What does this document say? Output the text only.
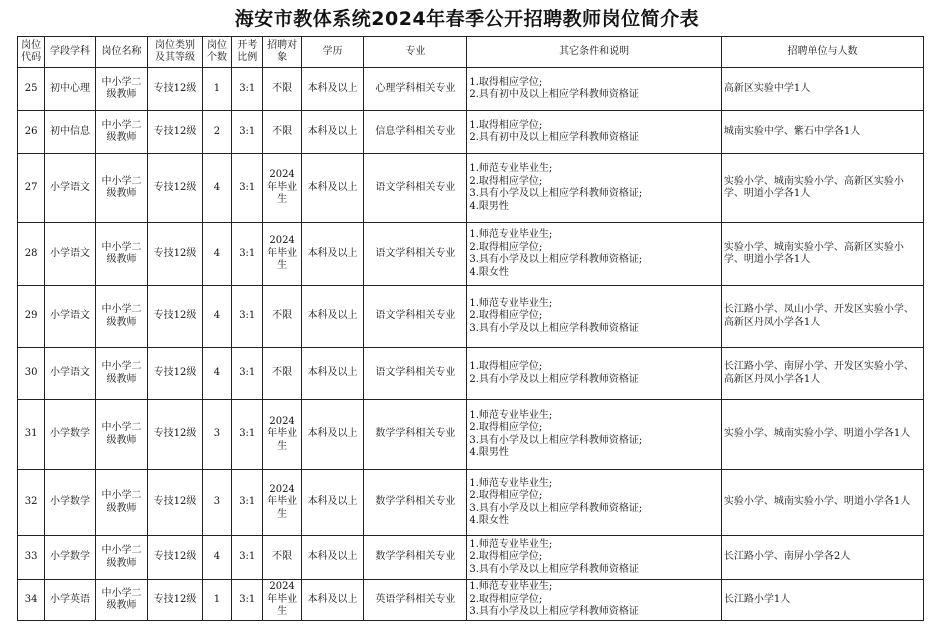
海安市教体系统2024年春季公开招聘教师岗位简介表
岗位代码	学段学科	岗位名称	岗位类别及其等级	岗位个数	开考比例	招聘对象	学历	专业	其它条件和说明	招聘单位与人数
25	初中心理	中小学二级教师	专技12级	1	3:1	不限	本科及以上	心理学科相关专业	1.取得相应学位;
2.具有初中及以上相应学科教师资格证	高新区实验中学1人
26	初中信息	中小学二级教师	专技12级	2	3:1	不限	本科及以上	信息学科相关专业	1.取得相应学位;
2.具有初中及以上相应学科教师资格证	城南实验中学、紫石中学各1人
27	小学语文	中小学二级教师	专技12级	4	3:1	2024年毕业生	本科及以上	语文学科相关专业	1.师范专业毕业生;
2.取得相应学位;
3.具有小学及以上相应学科教师资格证;
4.限男性	实验小学、城南实验小学、高新区实验小学、明道小学各1人
28	小学语文	中小学二级教师	专技12级	4	3:1	2024年毕业生	本科及以上	语文学科相关专业	1.师范专业毕业生;
2.取得相应学位;
3.具有小学及以上相应学科教师资格证;
4.限女性	实验小学、城南实验小学、高新区实验小学、明道小学各1人
29	小学语文	中小学二级教师	专技12级	4	3:1	不限	本科及以上	语文学科相关专业	1.师范专业毕业生;
2.取得相应学位;
3.具有小学及以上相应学科教师资格证	长江路小学、凤山小学、开发区实验小学、高新区丹凤小学各1人
30	小学语文	中小学二级教师	专技12级	4	3:1	不限	本科及以上	语文学科相关专业	1.取得相应学位;
2.具有小学及以上相应学科教师资格证	长江路小学、南屏小学、开发区实验小学、高新区丹凤小学各1人
31	小学数学	中小学二级教师	专技12级	3	3:1	2024年毕业生	本科及以上	数学学科相关专业	1.师范专业毕业生;
2.取得相应学位;
3.具有小学及以上相应学科教师资格证;
4.限男性	实验小学、城南实验小学、明道小学各1人
32	小学数学	中小学二级教师	专技12级	3	3:1	2024年毕业生	本科及以上	数学学科相关专业	1.师范专业毕业生;
2.取得相应学位;
3.具有小学及以上相应学科教师资格证;
4.限女性	实验小学、城南实验小学、明道小学各1人
33	小学数学	中小学二级教师	专技12级	4	3:1	不限	本科及以上	数学学科相关专业	1.师范专业毕业生;
2.取得相应学位;
3.具有小学及以上相应学科教师资格证	长江路小学、南屏小学各2人
34	小学英语	中小学二级教师	专技12级	1	3:1	2024年毕业生	本科及以上	英语学科相关专业	1.师范专业毕业生;
2.取得相应学位;
3.具有小学及以上相应学科教师资格证	长江路小学1人
